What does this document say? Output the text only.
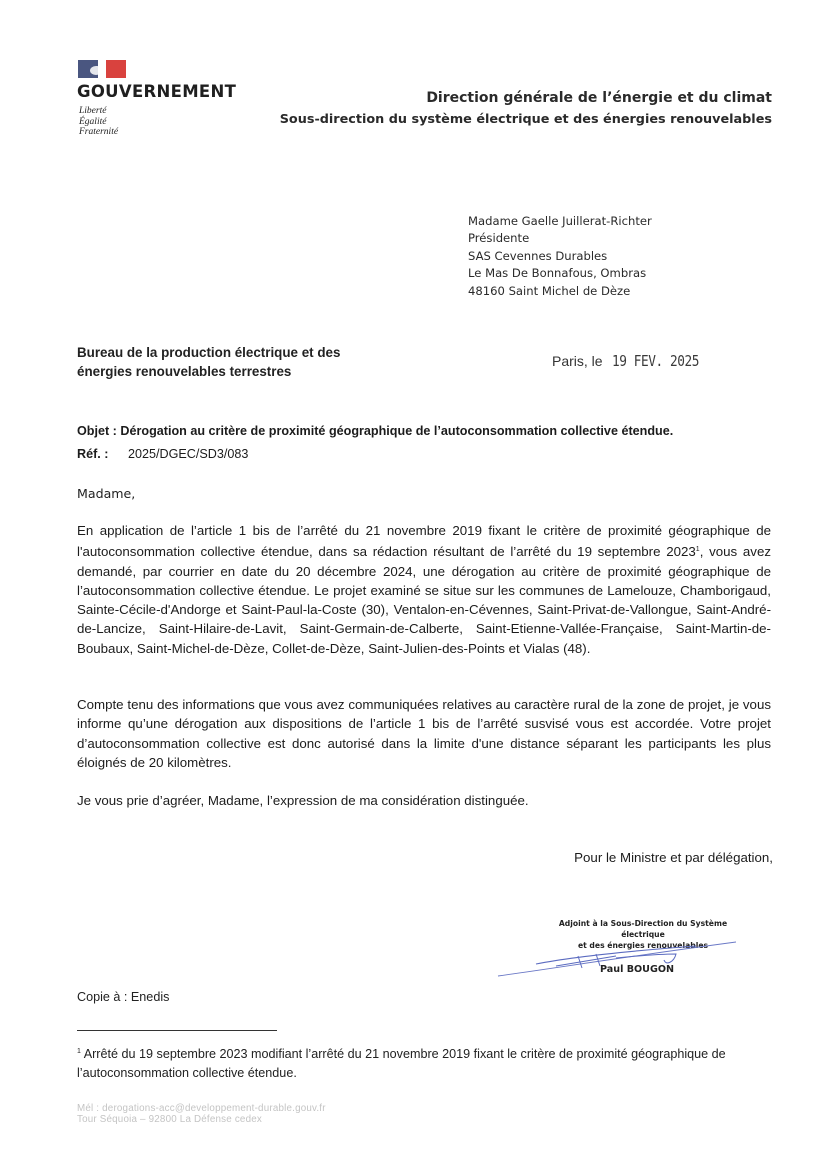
GOUVERNEMENT
Liberté
Égalité
Fraternité
Direction générale de l’énergie et du climat
Sous-direction du système électrique et des énergies renouvelables
Madame Gaelle Juillerat-Richter
Présidente
SAS Cevennes Durables
Le Mas De Bonnafous, Ombras
48160 Saint Michel de Dèze
Bureau de la production électrique et des
énergies renouvelables terrestres
Paris, le 19 FEV. 2025
Objet : Dérogation au critère de proximité géographique de l’autoconsommation collective étendue.
Réf. : 2025/DGEC/SD3/083
Madame,

En application de l’article 1 bis de l’arrêté du 21 novembre 2019 fixant le critère de proximité géographique de l'autoconsommation collective étendue, dans sa rédaction résultant de l’arrêté du 19 septembre 2023$^1$, vous avez demandé, par courrier en date du 20 décembre 2024, une dérogation au critère de proximité géographique de l’autoconsommation collective étendue. Le projet examiné se situe sur les communes de Lamelouze, Chamborigaud, Sainte-Cécile-d'Andorge et Saint-Paul-la-Coste (30), Ventalon-en-Cévennes, Saint-Privat-de-Vallongue, Saint-André-de-Lancize, Saint-Hilaire-de-Lavit, Saint-Germain-de-Calberte, Saint-Etienne-Vallée-Française, Saint-Martin-de-Boubaux, Saint-Michel-de-Dèze, Collet-de-Dèze, Saint-Julien-des-Points et Vialas (48).

Compte tenu des informations que vous avez communiquées relatives au caractère rural de la zone de projet, je vous informe qu’une dérogation aux dispositions de l’article 1 bis de l’arrêté susvisé vous est accordée. Votre projet d’autoconsommation collective est donc autorisé dans la limite d'une distance séparant les participants les plus éloignés de 20 kilomètres.

Je vous prie d’agréer, Madame, l’expression de ma considération distinguée.

Pour le Ministre et par délégation,
Adjoint à la Sous-Direction du Système électrique
et des énergies renouvelables
Paul BOUGON
Copie à : Enedis

$^1$ Arrêté du 19 septembre 2023 modifiant l’arrêté du 21 novembre 2019 fixant le critère de proximité géographique de l’autoconsommation collective étendue.

Mél : derogations-acc@developpement-durable.gouv.fr
Tour Séquoia – 92800 La Défense cedex
